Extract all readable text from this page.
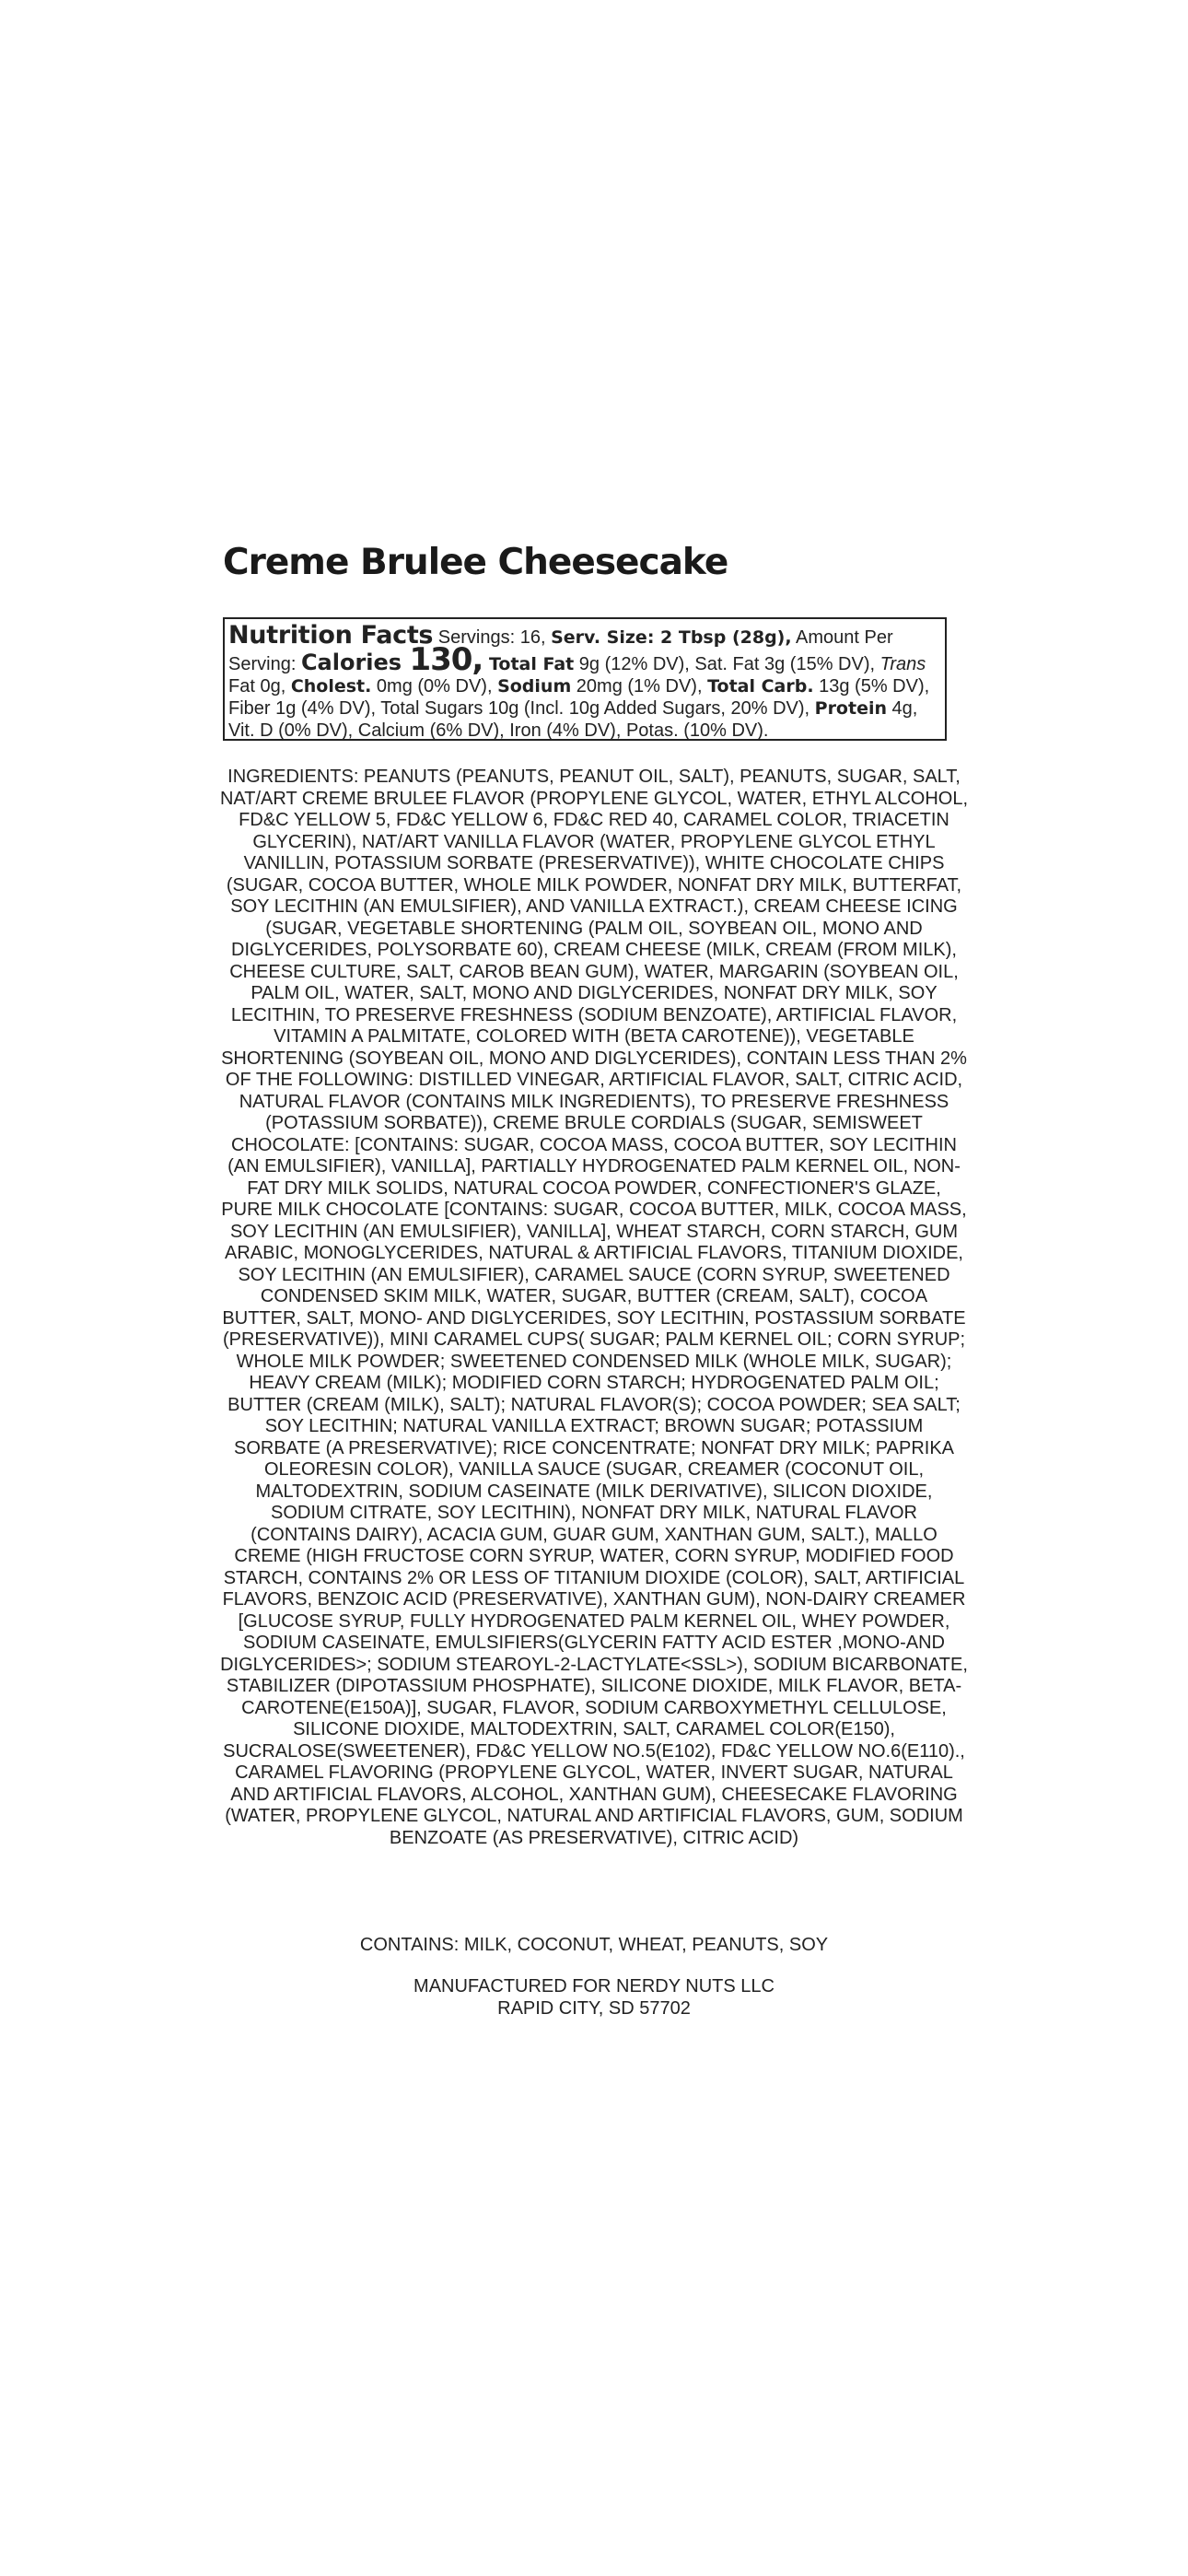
Creme Brulee Cheesecake
Nutrition Facts Servings: 16, Serv. Size: 2 Tbsp (28g), Amount Per Serving: Calories 130, Total Fat 9g (12% DV), Sat. Fat 3g (15% DV), Trans Fat 0g, Cholest. 0mg (0% DV), Sodium 20mg (1% DV), Total Carb. 13g (5% DV), Fiber 1g (4% DV), Total Sugars 10g (Incl. 10g Added Sugars, 20% DV), Protein 4g, Vit. D (0% DV), Calcium (6% DV), Iron (4% DV), Potas. (10% DV).

INGREDIENTS: PEANUTS (PEANUTS, PEANUT OIL, SALT), PEANUTS, SUGAR, SALT, NAT/ART CREME BRULEE FLAVOR (PROPYLENE GLYCOL, WATER, ETHYL ALCOHOL, FD&C YELLOW 5, FD&C YELLOW 6, FD&C RED 40, CARAMEL COLOR, TRIACETIN GLYCERIN), NAT/ART VANILLA FLAVOR (WATER, PROPYLENE GLYCOL ETHYL VANILLIN, POTASSIUM SORBATE (PRESERVATIVE)), WHITE CHOCOLATE CHIPS (SUGAR, COCOA BUTTER, WHOLE MILK POWDER, NONFAT DRY MILK, BUTTERFAT, SOY LECITHIN (AN EMULSIFIER), AND VANILLA EXTRACT.), CREAM CHEESE ICING (SUGAR, VEGETABLE SHORTENING (PALM OIL, SOYBEAN OIL, MONO AND DIGLYCERIDES, POLYSORBATE 60), CREAM CHEESE (MILK, CREAM (FROM MILK), CHEESE CULTURE, SALT, CAROB BEAN GUM), WATER, MARGARIN (SOYBEAN OIL, PALM OIL, WATER, SALT, MONO AND DIGLYCERIDES, NONFAT DRY MILK, SOY LECITHIN, TO PRESERVE FRESHNESS (SODIUM BENZOATE), ARTIFICIAL FLAVOR, VITAMIN A PALMITATE, COLORED WITH (BETA CAROTENE)), VEGETABLE SHORTENING (SOYBEAN OIL, MONO AND DIGLYCERIDES), CONTAIN LESS THAN 2% OF THE FOLLOWING: DISTILLED VINEGAR, ARTIFICIAL FLAVOR, SALT, CITRIC ACID, NATURAL FLAVOR (CONTAINS MILK INGREDIENTS), TO PRESERVE FRESHNESS (POTASSIUM SORBATE)), CREME BRULE CORDIALS (SUGAR, SEMISWEET CHOCOLATE: [CONTAINS: SUGAR, COCOA MASS, COCOA BUTTER, SOY LECITHIN (AN EMULSIFIER), VANILLA], PARTIALLY HYDROGENATED PALM KERNEL OIL, NON-FAT DRY MILK SOLIDS, NATURAL COCOA POWDER, CONFECTIONER'S GLAZE, PURE MILK CHOCOLATE [CONTAINS: SUGAR, COCOA BUTTER, MILK, COCOA MASS, SOY LECITHIN (AN EMULSIFIER), VANILLA], WHEAT STARCH, CORN STARCH, GUM ARABIC, MONOGLYCERIDES, NATURAL & ARTIFICIAL FLAVORS, TITANIUM DIOXIDE, SOY LECITHIN (AN EMULSIFIER), CARAMEL SAUCE (CORN SYRUP, SWEETENED CONDENSED SKIM MILK, WATER, SUGAR, BUTTER (CREAM, SALT), COCOA BUTTER, SALT, MONO- AND DIGLYCERIDES, SOY LECITHIN, POSTASSIUM SORBATE (PRESERVATIVE)), MINI CARAMEL CUPS( SUGAR; PALM KERNEL OIL; CORN SYRUP; WHOLE MILK POWDER; SWEETENED CONDENSED MILK (WHOLE MILK, SUGAR); HEAVY CREAM (MILK); MODIFIED CORN STARCH; HYDROGENATED PALM OIL; BUTTER (CREAM (MILK), SALT); NATURAL FLAVOR(S); COCOA POWDER; SEA SALT; SOY LECITHIN; NATURAL VANILLA EXTRACT; BROWN SUGAR; POTASSIUM SORBATE (A PRESERVATIVE); RICE CONCENTRATE; NONFAT DRY MILK; PAPRIKA OLEORESIN COLOR), VANILLA SAUCE (SUGAR, CREAMER (COCONUT OIL, MALTODEXTRIN, SODIUM CASEINATE (MILK DERIVATIVE), SILICON DIOXIDE, SODIUM CITRATE, SOY LECITHIN), NONFAT DRY MILK, NATURAL FLAVOR (CONTAINS DAIRY), ACACIA GUM, GUAR GUM, XANTHAN GUM, SALT.), MALLO CREME (HIGH FRUCTOSE CORN SYRUP, WATER, CORN SYRUP, MODIFIED FOOD STARCH, CONTAINS 2% OR LESS OF TITANIUM DIOXIDE (COLOR), SALT, ARTIFICIAL FLAVORS, BENZOIC ACID (PRESERVATIVE), XANTHAN GUM), NON-DAIRY CREAMER [GLUCOSE SYRUP, FULLY HYDROGENATED PALM KERNEL OIL, WHEY POWDER, SODIUM CASEINATE, EMULSIFIERS(GLYCERIN FATTY ACID ESTER ,MONO-AND DIGLYCERIDES>; SODIUM STEAROYL-2-LACTYLATE<SSL>), SODIUM BICARBONATE, STABILIZER (DIPOTASSIUM PHOSPHATE), SILICONE DIOXIDE, MILK FLAVOR, BETA-CAROTENE(E150A)], SUGAR, FLAVOR, SODIUM CARBOXYMETHYL CELLULOSE, SILICONE DIOXIDE, MALTODEXTRIN, SALT, CARAMEL COLOR(E150), SUCRALOSE(SWEETENER), FD&C YELLOW NO.5(E102), FD&C YELLOW NO.6(E110)., CARAMEL FLAVORING (PROPYLENE GLYCOL, WATER, INVERT SUGAR, NATURAL AND ARTIFICIAL FLAVORS, ALCOHOL, XANTHAN GUM), CHEESECAKE FLAVORING (WATER, PROPYLENE GLYCOL, NATURAL AND ARTIFICIAL FLAVORS, GUM, SODIUM BENZOATE (AS PRESERVATIVE), CITRIC ACID)

CONTAINS: MILK, COCONUT, WHEAT, PEANUTS, SOY

MANUFACTURED FOR NERDY NUTS LLC
RAPID CITY, SD 57702
